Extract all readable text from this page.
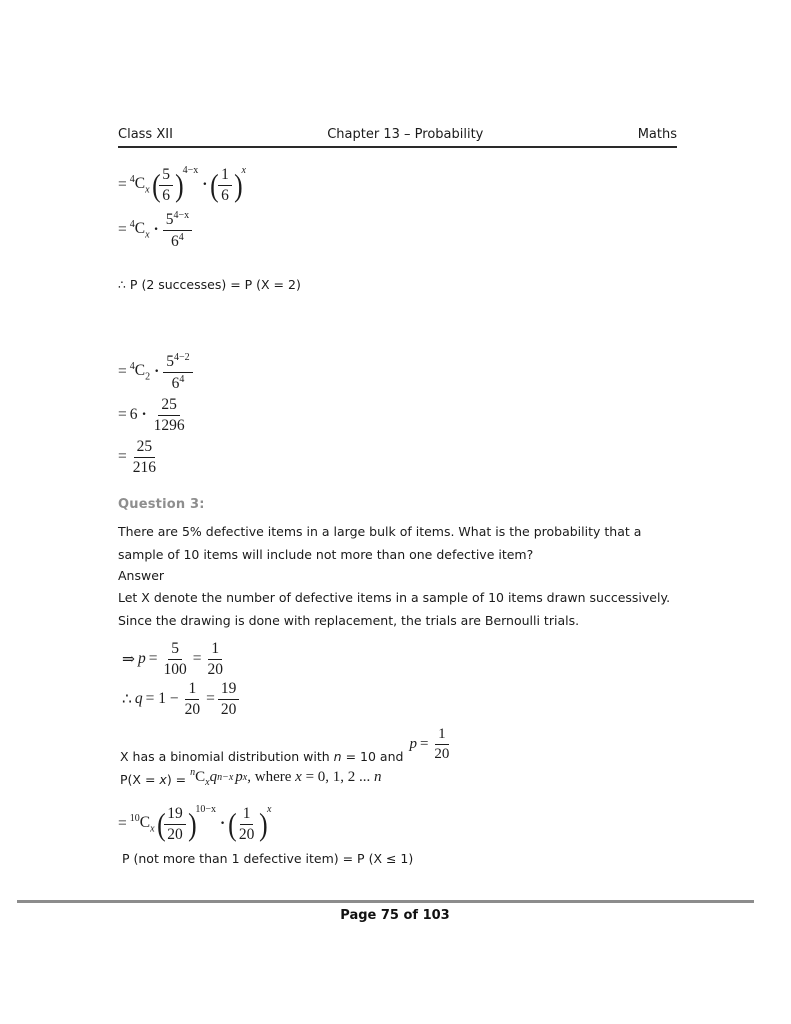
Class XII	Chapter 13 – Probability	Maths
= $^4C_x$ ( $\frac{5}{6}$ ) 4−x
· ( $\frac{1}{6}$ ) x
= $^4C_x \cdot \frac{5^{4-x}}{6^4}$
∴ P (2 successes) = P (X = 2)
= $^4C_2 \cdot \frac{5^{4-2}}{6^4}$
= $6 \cdot \frac{25}{1296}$
= $\frac{25}{216}$
Question 3:
There are 5% defective items in a large bulk of items. What is the probability that a
sample of 10 items will include not more than one defective item?
Answer
Let X denote the number of defective items in a sample of 10 items drawn successively.
Since the drawing is done with replacement, the trials are Bernoulli trials.
⇒ $p = \frac{5}{100} = \frac{1}{20}$
∴ $q = 1 - \frac{1}{20} = \frac{19}{20}$
X has a binomial distribution with n = 10 and
$p = \frac{1}{20}$
P(X = x ) = $^nC_x$ q n−x p x , where x = 0, 1, 2 ... n
= $^{10}C_x$ ( $\frac{19}{20}$ ) 10−x
· ( $\frac{1}{20}$ ) x
P (not more than 1 defective item) = P (X ≤ 1)
Page 75 of 103
